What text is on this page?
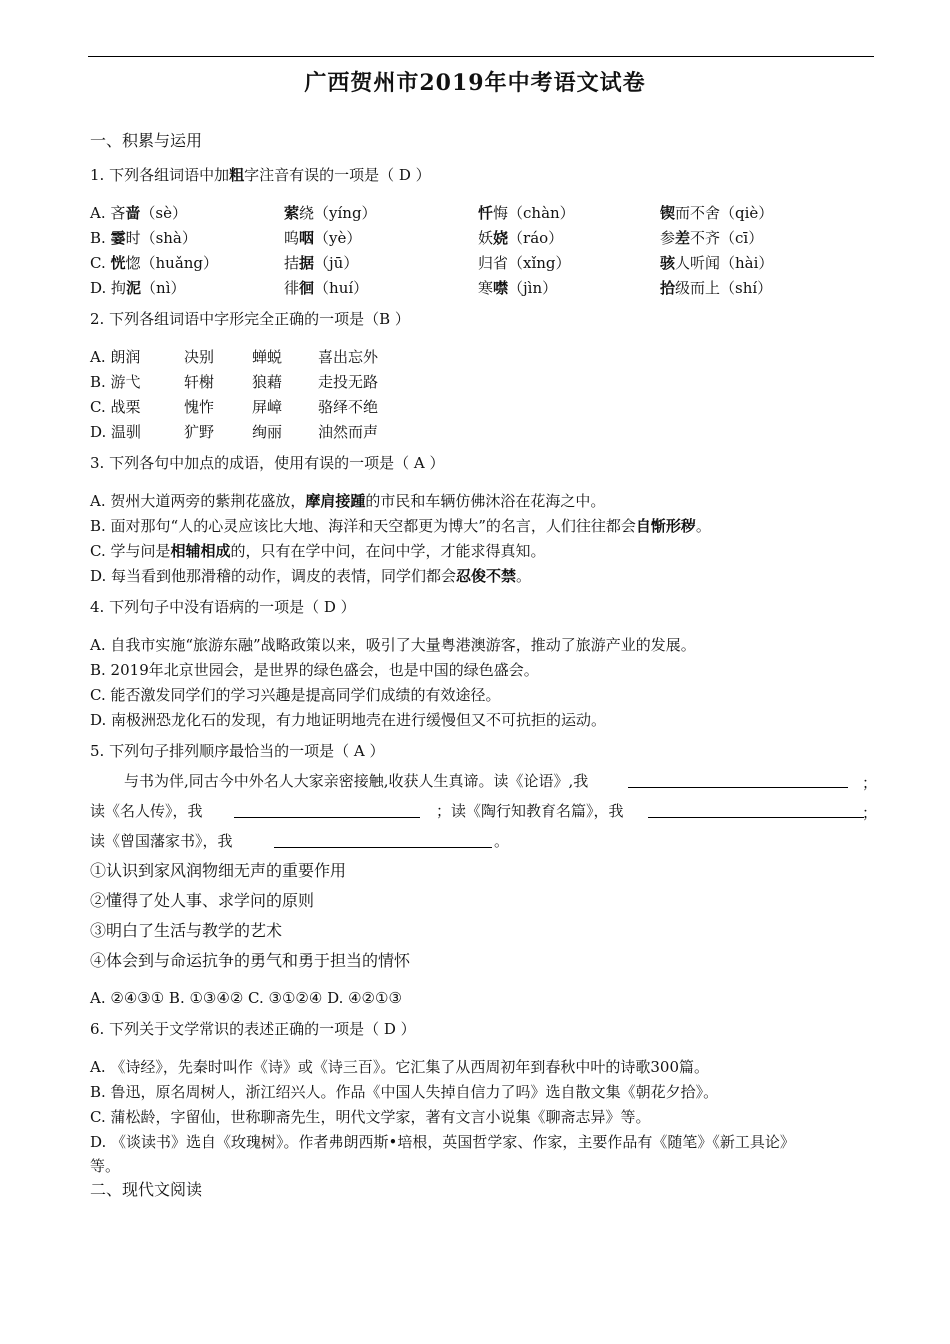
广西贺州市2019年中考语文试卷
一、积累与运用
1. 下列各组词语中加粗字注音有误的一项是（ D ）
A. 吝啬（sè）	萦绕（yíng）	忏悔（chàn）	锲而不舍（qiè）
B. 霎时（shà）	呜咽（yè）	妖娆（ráo）	参差不齐（cī）
C. 恍惚（huǎng）	拮据（jū）	归省（xǐng）	骇人听闻（hài）
D. 拘泥（nì）	徘徊（huí）	寒噤（jìn）	拾级而上（shí）
2. 下列各组词语中字形完全正确的一项是（B ）
A. 朗润	决别	蝉蜕 喜出忘外
B. 游弋	轩榭	狼藉 走投无路
C. 战栗	愧怍	屏嶂 骆绎不绝
D. 温驯	犷野	绚丽 油然而声
3. 下列各句中加点的成语，使用有误的一项是（ A ）
A. 贺州大道两旁的紫荆花盛放，摩肩接踵的市民和车辆仿佛沐浴在花海之中。
B. 面对那句“人的心灵应该比大地、海洋和天空都更为博大”的名言，人们往往都会自惭形秽。
C. 学与问是相辅相成的，只有在学中问，在问中学，才能求得真知。
D. 每当看到他那滑稽的动作，调皮的表情，同学们都会忍俊不禁。
4. 下列句子中没有语病的一项是（ D ）
A. 自我市实施“旅游东融”战略政策以来，吸引了大量粤港澳游客，推动了旅游产业的发展。
B. 2019年北京世园会，是世界的绿色盛会，也是中国的绿色盛会。
C. 能否激发同学们的学习兴趣是提高同学们成绩的有效途径。
D. 南极洲恐龙化石的发现，有力地证明地壳在进行缓慢但又不可抗拒的运动。
5. 下列句子排列顺序最恰当的一项是（ A ）
与书为伴,同古今中外名人大家亲密接触,收获人生真谛。读《论语》,我	；
读《名人传》，我	；读《陶行知教育名篇》，我	；
读《曾国藩家书》，我	。
①认识到家风润物细无声的重要作用
②懂得了处人事、求学问的原则
③明白了生活与教学的艺术
④体会到与命运抗争的勇气和勇于担当的情怀
A. ②④③① B. ①③④② C. ③①②④ D. ④②①③
6. 下列关于文学常识的表述正确的一项是（ D ）
A. 《诗经》，先秦时叫作《诗》或《诗三百》。它汇集了从西周初年到春秋中叶的诗歌300篇。
B. 鲁迅，原名周树人，浙江绍兴人。作品《中国人失掉自信力了吗》选自散文集《朝花夕拾》。
C. 蒲松龄，字留仙，世称聊斋先生，明代文学家，著有文言小说集《聊斋志异》等。
D. 《谈读书》选自《玫瑰树》。作者弗朗西斯•培根，英国哲学家、作家，主要作品有《随笔》《新工具论》
等。
二、现代文阅读
